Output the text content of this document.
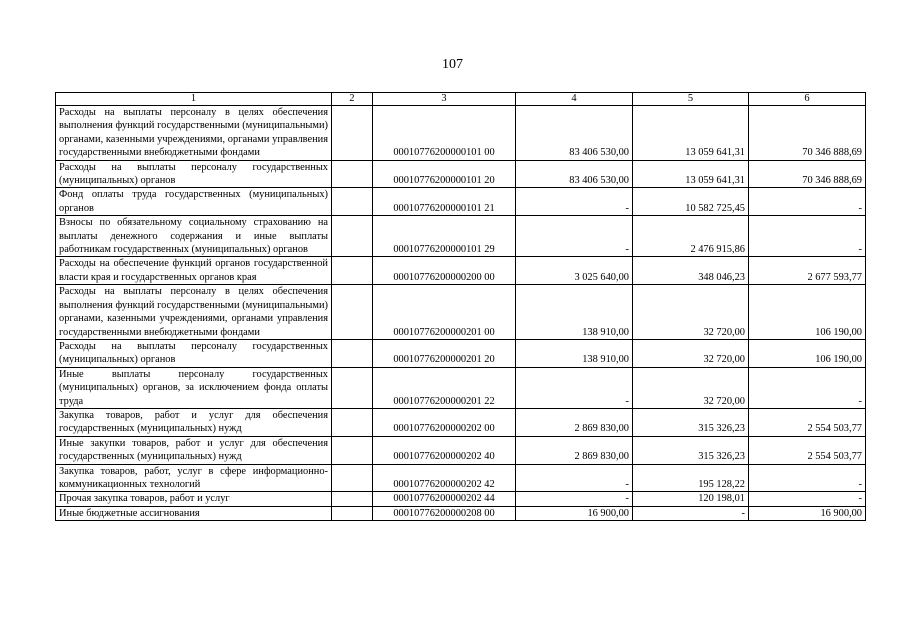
107
1	2	3	4	5	6
Расходы на выплаты персоналу в целях обеспечения выполнения функций государственными (муниципальными) органами, казенными учреждениями, органами управлвения государственными внебюджетными фондами		00010776200000101 00	83 406 530,00	13 059 641,31	70 346 888,69
Расходы на выплаты персоналу государственных (муниципальных) органов		00010776200000101 20	83 406 530,00	13 059 641,31	70 346 888,69
Фонд оплаты труда государственных (муниципальных) органов		00010776200000101 21	-	10 582 725,45	-
Взносы по обязательному социальному страхованию на выплаты денежного содержания и иные выплаты работникам государственных (муниципальных) органов		00010776200000101 29	-	2 476 915,86	-
Расходы на обеспечение функций органов государственной власти края и государственных органов края		00010776200000200 00	3 025 640,00	348 046,23	2 677 593,77
Расходы на выплаты персоналу в целях обеспечения выполнения функций государственными (муниципальными) органами, казенными учреждениями, органами управления государственными внебюджетными фондами		00010776200000201 00	138 910,00	32 720,00	106 190,00
Расходы на выплаты персоналу государственных (муниципальных) органов		00010776200000201 20	138 910,00	32 720,00	106 190,00
Иные выплаты персоналу государственных (муниципальных) органов, за исключением фонда оплаты труда		00010776200000201 22	-	32 720,00	-
Закупка товаров, работ и услуг для обеспечения государственных (муниципальных) нужд		00010776200000202 00	2 869 830,00	315 326,23	2 554 503,77
Иные закупки товаров, работ и услуг для обеспечения государственных (муниципальных) нужд		00010776200000202 40	2 869 830,00	315 326,23	2 554 503,77
Закупка товаров, работ, услуг в сфере информационно-коммуникационных технологий		00010776200000202 42	-	195 128,22	-
Прочая закупка товаров, работ и услуг		00010776200000202 44	-	120 198,01	-
Иные бюджетные ассигнования		00010776200000208 00	16 900,00	-	16 900,00
